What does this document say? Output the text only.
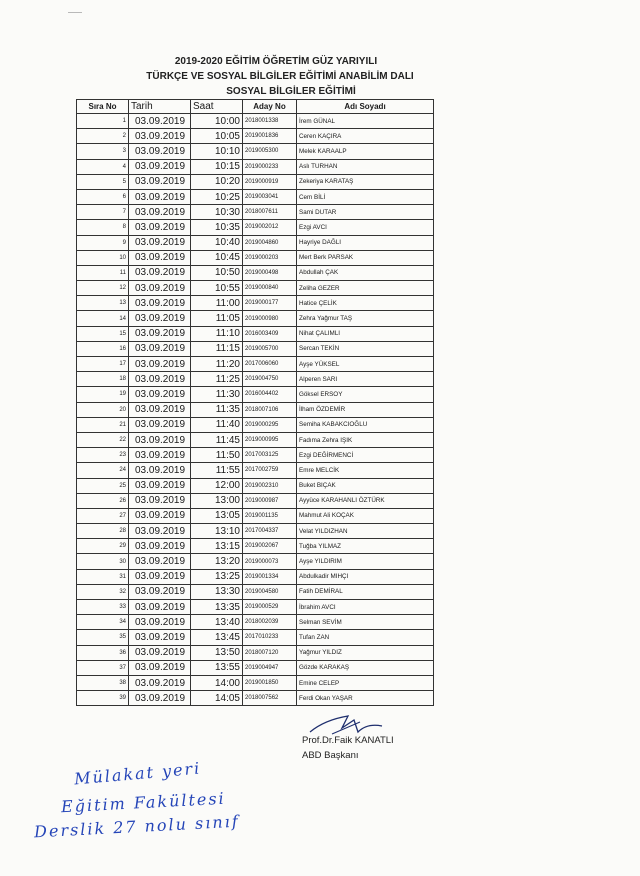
2019-2020 EĞİTİM ÖĞRETİM GÜZ YARIYILI
TÜRKÇE VE SOSYAL BİLGİLER EĞİTİMİ ANABİLİM DALI
SOSYAL BİLGİLER EĞİTİMİ
Sıra No	Tarih	Saat	Aday No	Adı Soyadı
1	03.09.2019	10:00	2018001338	İrem GÜNAL
2	03.09.2019	10:05	2019001836	Ceren KAÇIRA
3	03.09.2019	10:10	2019005300	Melek KARAALP
4	03.09.2019	10:15	2019000233	Aslı TURHAN
5	03.09.2019	10:20	2019000919	Zekeriya KARATAŞ
6	03.09.2019	10:25	2019003041	Cem BİLİ
7	03.09.2019	10:30	2018007611	Sami DUTAR
8	03.09.2019	10:35	2019002012	Ezgi AVCI
9	03.09.2019	10:40	2019004860	Hayriye DAĞLI
10	03.09.2019	10:45	2019000203	Mert Berk PARSAK
11	03.09.2019	10:50	2019000498	Abdullah ÇAK
12	03.09.2019	10:55	2019000840	Zeliha GEZER
13	03.09.2019	11:00	2019000177	Hatice ÇELİK
14	03.09.2019	11:05	2019000980	Zehra Yağmur TAŞ
15	03.09.2019	11:10	2016003409	Nihat ÇALIMLI
16	03.09.2019	11:15	2019005700	Sercan TEKİN
17	03.09.2019	11:20	2017006060	Ayşe YÜKSEL
18	03.09.2019	11:25	2019004750	Alperen SARI
19	03.09.2019	11:30	2016004402	Göksel ERSOY
20	03.09.2019	11:35	2018007106	İlham ÖZDEMİR
21	03.09.2019	11:40	2019000295	Semiha KABAKCIOĞLU
22	03.09.2019	11:45	2019000995	Fadıma Zehra IŞIK
23	03.09.2019	11:50	2017003125	Ezgi DEĞİRMENCİ
24	03.09.2019	11:55	2017002759	Emre MELCİK
25	03.09.2019	12:00	2019002310	Buket BIÇAK
26	03.09.2019	13:00	2019000987	Ayyüce KARAHANLI ÖZTÜRK
27	03.09.2019	13:05	2019001135	Mahmut Ali KOÇAK
28	03.09.2019	13:10	2017004337	Velat YILDIZHAN
29	03.09.2019	13:15	2019002067	Tuğba YILMAZ
30	03.09.2019	13:20	2019000073	Ayşe YILDIRIM
31	03.09.2019	13:25	2019001334	Abdulkadir MIHÇI
32	03.09.2019	13:30	2019004580	Fatih DEMİRAL
33	03.09.2019	13:35	2019000529	İbrahim AVCI
34	03.09.2019	13:40	2018002039	Selman SEVİM
35	03.09.2019	13:45	2017010233	Tufan ZAN
36	03.09.2019	13:50	2018007120	Yağmur YILDIZ
37	03.09.2019	13:55	2019004947	Gözde KARAKAŞ
38	03.09.2019	14:00	2019001850	Emine CELEP
39	03.09.2019	14:05	2018007562	Ferdi Okan YAŞAR
Prof.Dr.Faik KANATLI
ABD Başkanı
Mülakat yeri
Eğitim Fakültesi
Derslik 27 nolu sınıf
